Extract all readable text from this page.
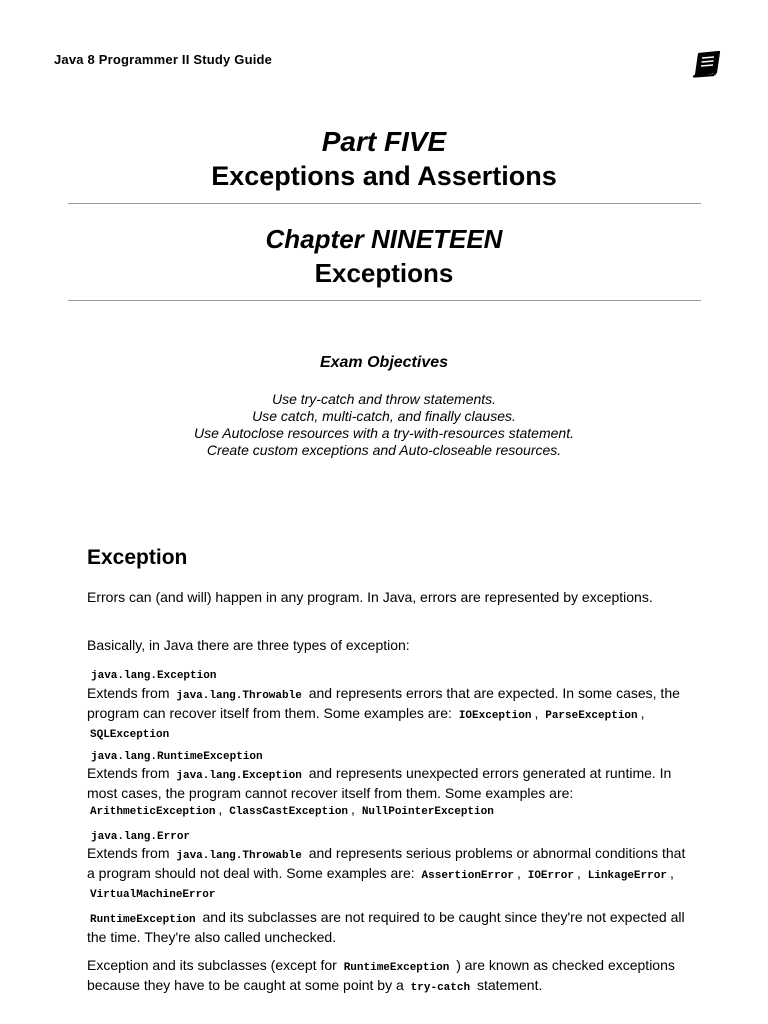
Java 8 Programmer II Study Guide
Part FIVE
Exceptions and Assertions
Chapter NINETEEN
Exceptions
Exam Objectives
Use try-catch and throw statements.
Use catch, multi-catch, and finally clauses.
Use Autoclose resources with a try-with-resources statement.
Create custom exceptions and Auto-closeable resources.
Exception
Errors can (and will) happen in any program. In Java, errors are represented by exceptions.
Basically, in Java there are three types of exception:
java.lang.Exception
Extends from java.lang.Throwable and represents errors that are expected. In some cases, the program can recover itself from them. Some examples are: IOException , ParseException , SQLException
java.lang.RuntimeException
Extends from java.lang.Exception and represents unexpected errors generated at runtime. In most cases, the program cannot recover itself from them. Some examples are: ArithmeticException , ClassCastException , NullPointerException
java.lang.Error
Extends from java.lang.Throwable and represents serious problems or abnormal conditions that a program should not deal with. Some examples are: AssertionError , IOError , LinkageError , VirtualMachineError
RuntimeException and its subclasses are not required to be caught since they're not expected all the time. They're also called unchecked.
Exception and its subclasses (except for RuntimeException ) are known as checked exceptions because they have to be caught at some point by a try-catch statement.
